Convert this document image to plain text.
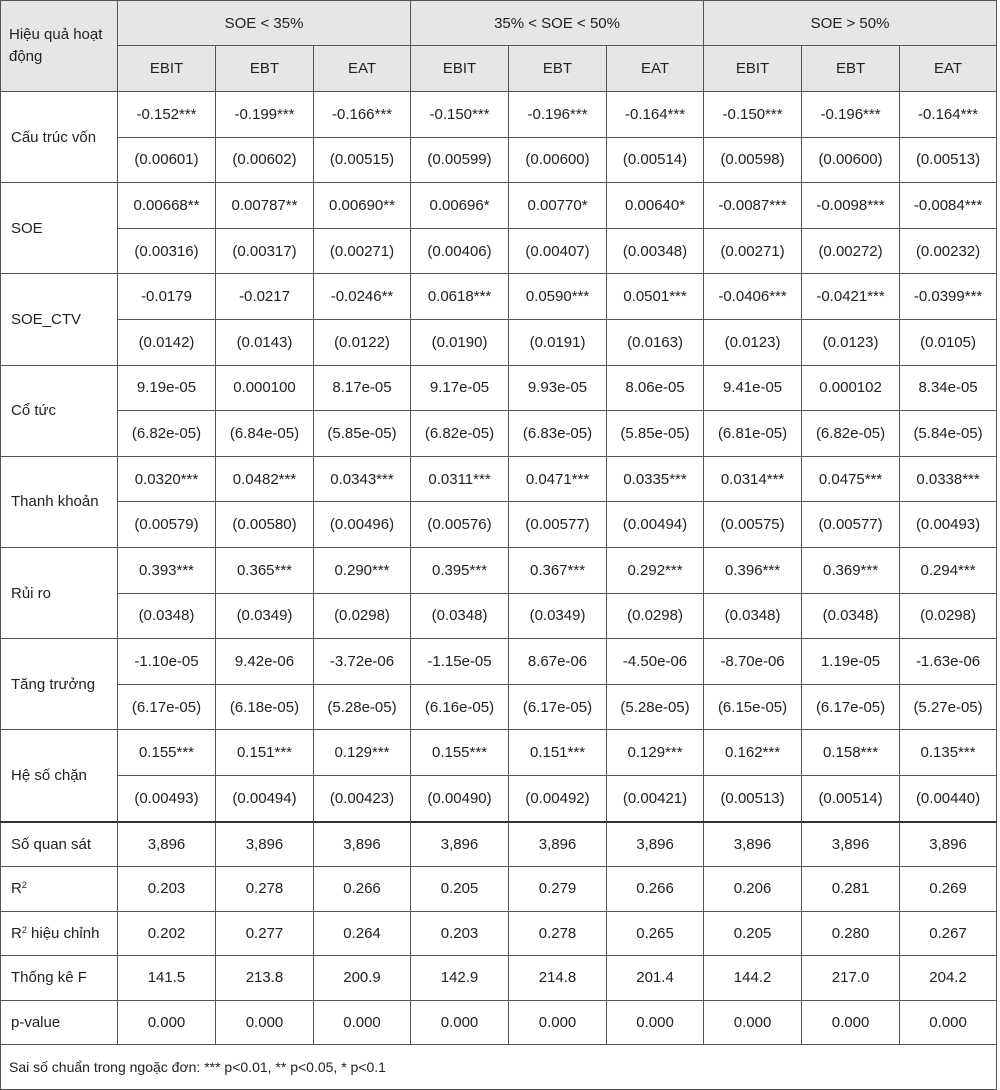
Hiệu quả hoạt động	SOE < 35%			35% < SOE < 50%			SOE > 50%		
	EBIT	EBT	EAT	EBIT	EBT	EAT	EBIT	EBT	EAT
Cấu trúc vốn	-0.152***	-0.199***	-0.166***	-0.150***	-0.196***	-0.164***	-0.150***	-0.196***	-0.164***
	(0.00601)	(0.00602)	(0.00515)	(0.00599)	(0.00600)	(0.00514)	(0.00598)	(0.00600)	(0.00513)
SOE	0.00668**	0.00787**	0.00690**	0.00696*	0.00770*	0.00640*	-0.0087***	-0.0098***	-0.0084***
	(0.00316)	(0.00317)	(0.00271)	(0.00406)	(0.00407)	(0.00348)	(0.00271)	(0.00272)	(0.00232)
SOE_CTV	-0.0179	-0.0217	-0.0246**	0.0618***	0.0590***	0.0501***	-0.0406***	-0.0421***	-0.0399***
	(0.0142)	(0.0143)	(0.0122)	(0.0190)	(0.0191)	(0.0163)	(0.0123)	(0.0123)	(0.0105)
Cổ tức	9.19e-05	0.000100	8.17e-05	9.17e-05	9.93e-05	8.06e-05	9.41e-05	0.000102	8.34e-05
	(6.82e-05)	(6.84e-05)	(5.85e-05)	(6.82e-05)	(6.83e-05)	(5.85e-05)	(6.81e-05)	(6.82e-05)	(5.84e-05)
Thanh khoản	0.0320***	0.0482***	0.0343***	0.0311***	0.0471***	0.0335***	0.0314***	0.0475***	0.0338***
	(0.00579)	(0.00580)	(0.00496)	(0.00576)	(0.00577)	(0.00494)	(0.00575)	(0.00577)	(0.00493)
Rủi ro	0.393***	0.365***	0.290***	0.395***	0.367***	0.292***	0.396***	0.369***	0.294***
	(0.0348)	(0.0349)	(0.0298)	(0.0348)	(0.0349)	(0.0298)	(0.0348)	(0.0348)	(0.0298)
Tăng trưởng	-1.10e-05	9.42e-06	-3.72e-06	-1.15e-05	8.67e-06	-4.50e-06	-8.70e-06	1.19e-05	-1.63e-06
	(6.17e-05)	(6.18e-05)	(5.28e-05)	(6.16e-05)	(6.17e-05)	(5.28e-05)	(6.15e-05)	(6.17e-05)	(5.27e-05)
Hệ số chặn	0.155***	0.151***	0.129***	0.155***	0.151***	0.129***	0.162***	0.158***	0.135***
	(0.00493)	(0.00494)	(0.00423)	(0.00490)	(0.00492)	(0.00421)	(0.00513)	(0.00514)	(0.00440)
Số quan sát	3,896	3,896	3,896	3,896	3,896	3,896	3,896	3,896	3,896
$R^2$	0.203	0.278	0.266	0.205	0.279	0.266	0.206	0.281	0.269
$R^2$ hiệu chỉnh	0.202	0.277	0.264	0.203	0.278	0.265	0.205	0.280	0.267
Thống kê F	141.5	213.8	200.9	142.9	214.8	201.4	144.2	217.0	204.2
p-value	0.000	0.000	0.000	0.000	0.000	0.000	0.000	0.000	0.000
Sai số chuẩn trong ngoặc đơn: *** p<0.01, ** p<0.05, * p<0.1									
